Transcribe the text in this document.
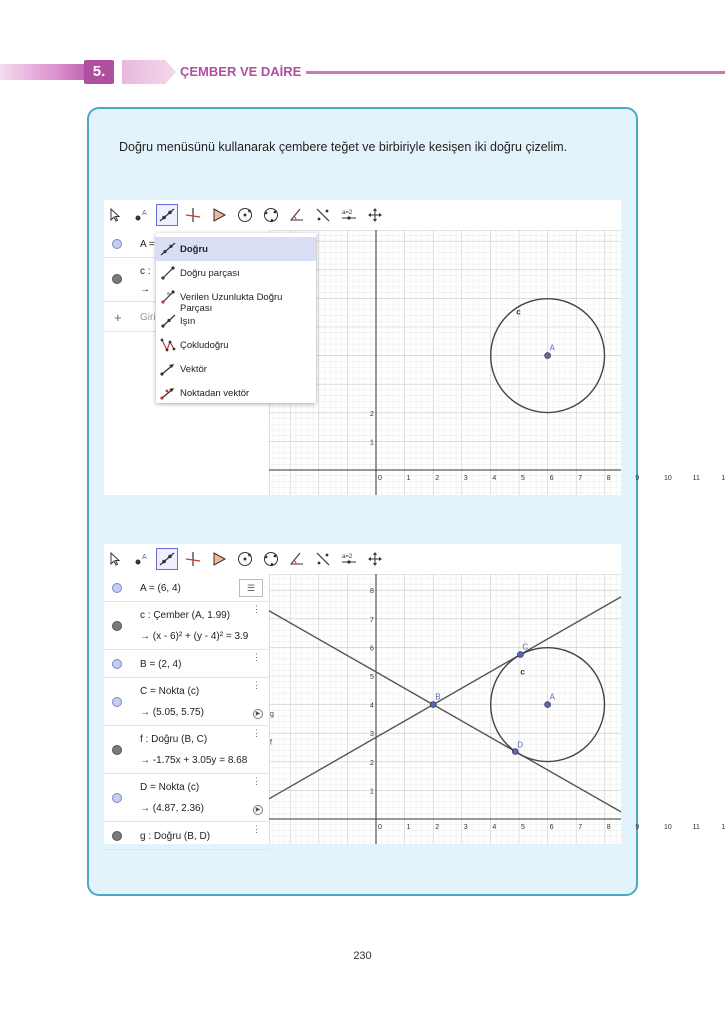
5.	ÇEMBER VE DAİRE
Doğru menüsünü kullanarak çembere teğet ve birbiriyle kesişen iki doğru çizelim.
A	a=2
A =
c :
→
+ Giri
0	1	2	3	4	5	6	7	8	9	10	11	1
1
2
A
c
Doğru
Doğru parçası
a Verilen Uzunlukta Doğru Parçası
Işın
Çokludoğru
Vektör
Noktadan vektör
A	a=2
A = (6, 4)	☰
c : Çember (A, 1.99)
→ (x - 6)² + (y - 4)² = 3.9
⋮
B = (2, 4)
⋮
C = Nokta (c)
→ (5.05, 5.75)
⋮
▶
f : Doğru (B, C)
→ -1.75x + 3.05y = 8.68
⋮
D = Nokta (c)
→ (4.87, 2.36)
⋮
▶
g : Doğru (B, D)
⋮	0	1	2	3	4	5	6	7	8	9	10	11	1
1
2
3
4
5
6
7
8
A
B
C
D
c
g
f
230
